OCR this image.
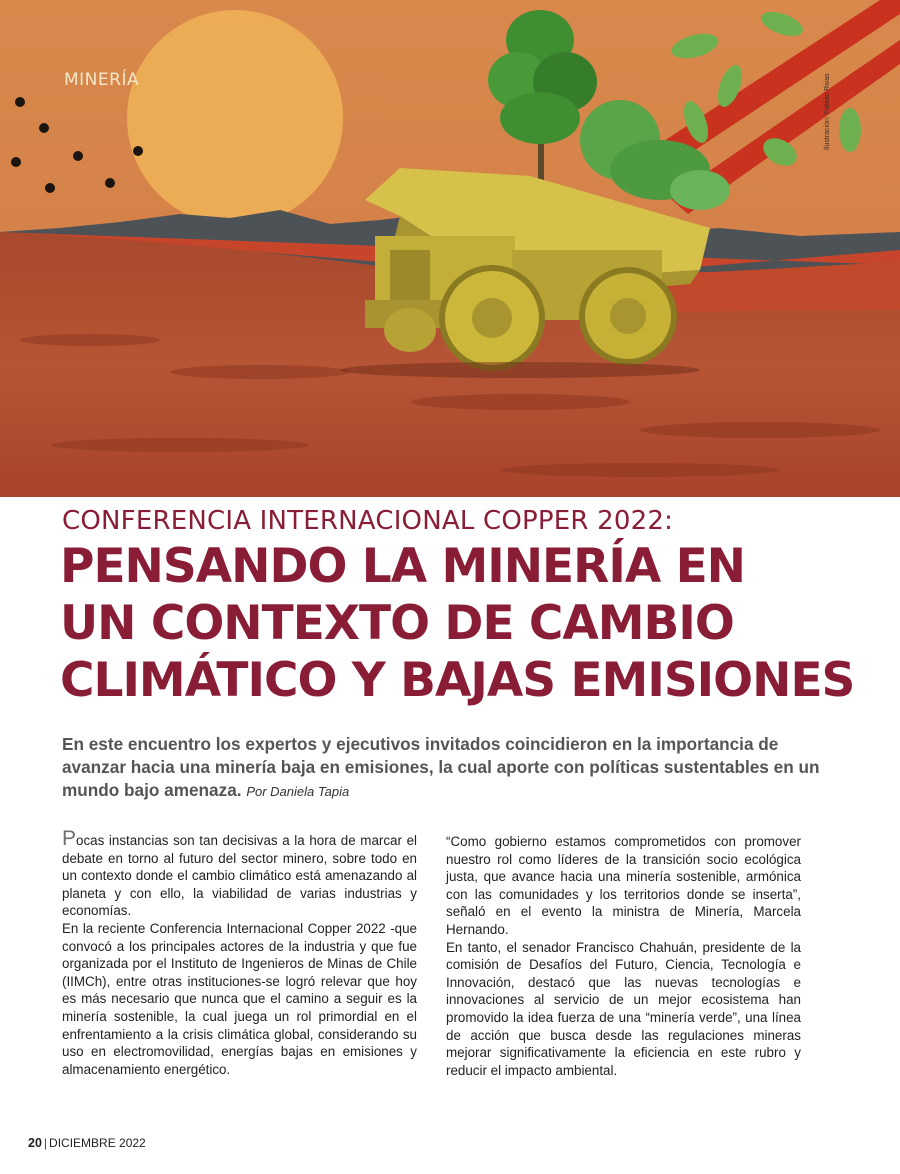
MINERÍA	Ilustración: Fabián Rivas
CONFERENCIA INTERNACIONAL COPPER 2022:
PENSANDO LA MINERÍA EN
UN CONTEXTO DE CAMBIO
CLIMÁTICO Y BAJAS EMISIONES
En este encuentro los expertos y ejecutivos invitados coincidieron en la importancia de avanzar hacia una minería baja en emisiones, la cual aporte con políticas sustentables en un mundo bajo amenaza. Por Daniela Tapia

Pocas instancias son tan decisivas a la hora de marcar el debate en torno al futuro del sector minero, sobre todo en un contexto donde el cambio climático está amenazando al planeta y con ello, la viabilidad de varias industrias y economías.

En la reciente Conferencia Internacional Copper 2022 -que convocó a los principales actores de la industria y que fue organizada por el Instituto de Ingenieros de Minas de Chile (IIMCh), entre otras instituciones-se logró relevar que hoy es más necesario que nunca que el camino a seguir es la minería sostenible, la cual juega un rol primordial en el enfrentamiento a la crisis climática global, considerando su uso en electromovilidad, energías bajas en emisiones y almacenamiento energético.

“Como gobierno estamos comprometidos con promover nuestro rol como líderes de la transición socio ecológica justa, que avance hacia una minería sostenible, armónica con las comunidades y los territorios donde se inserta”, señaló en el evento la ministra de Minería, Marcela Hernando.

En tanto, el senador Francisco Chahuán, presidente de la comisión de Desafíos del Futuro, Ciencia, Tecnología e Innovación, destacó que las nuevas tecnologías e innovaciones al servicio de un mejor ecosistema han promovido la idea fuerza de una “minería verde”, una línea de acción que busca desde las regulaciones mineras mejorar significativamente la eficiencia en este rubro y reducir el impacto ambiental.

20 | DICIEMBRE 2022
